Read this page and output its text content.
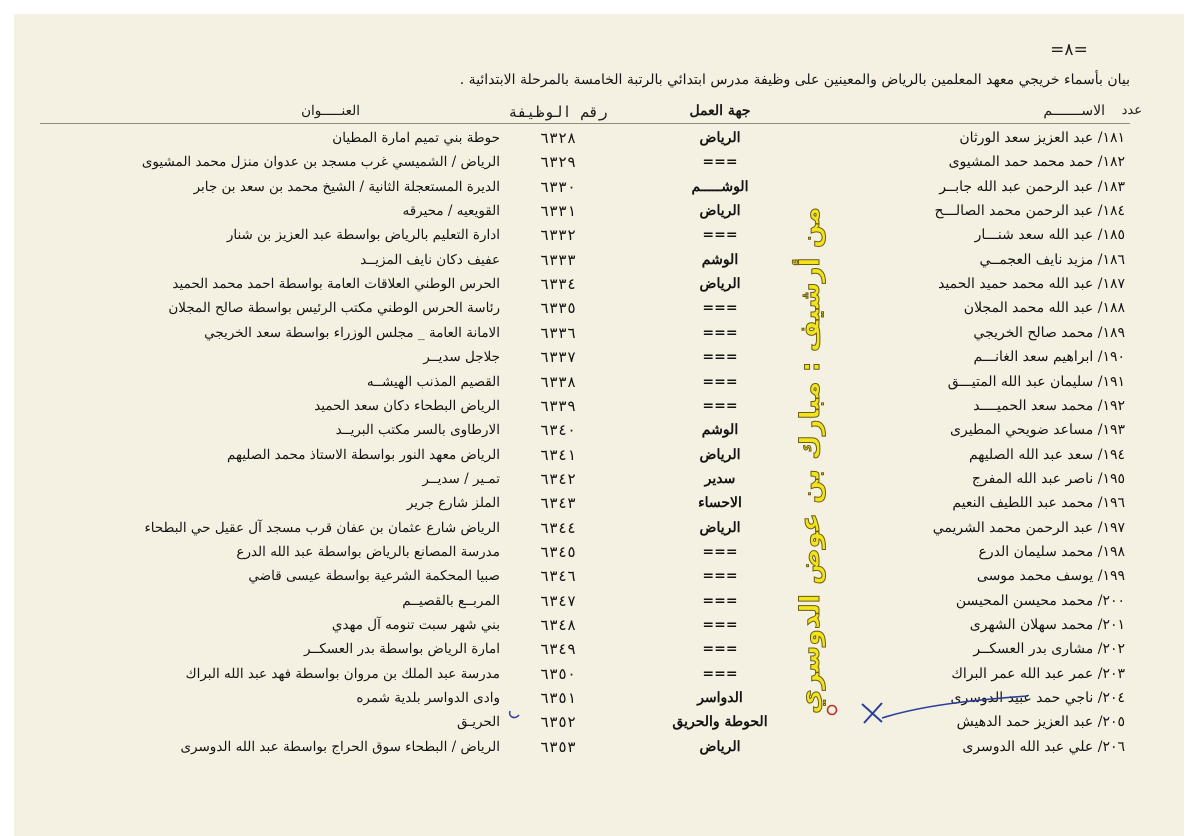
=٨=
بيان بأسماء خريجي معهد المعلمين بالرياض والمعينين على وظيفة مدرس ابتدائي بالرتبة الخامسة بالمرحلة الابتدائية .
عدد
الاســـــــم
جهة العمل
رقم الوظيفة
العنـــــوان
١٨١/ عبد العزيز سعد الورثان
الرياض
٦٣٢٨
حوطة بني تميم امارة المطيان
١٨٢/ حمد محمد حمد المشيوى
===
٦٣٢٩
الرياض / الشميسي غرب مسجد بن عدوان منزل محمد المشيوى
١٨٣/ عبد الرحمن عبد الله جابــر
الوشـــــم
٦٣٣٠
الديرة المستعجلة الثانية / الشيخ محمد بن سعد بن جابر
١٨٤/ عبد الرحمن محمد الصالـــح
الرياض
٦٣٣١
القويعيه / محيرقه
١٨٥/ عبد الله سعد شنـــار
===
٦٣٣٢
ادارة التعليم بالرياض بواسطة عبد العزيز بن شنار
١٨٦/ مزيد نايف العجمــي
الوشم
٦٣٣٣
عفيف دكان نايف المزيــد
١٨٧/ عبد الله محمد حميد الحميد
الرياض
٦٣٣٤
الحرس الوطني العلاقات العامة بواسطة احمد محمد الحميد
١٨٨/ عبد الله محمد المجلان
===
٦٣٣٥
رئاسة الحرس الوطني مكتب الرئيس بواسطة صالح المجلان
١٨٩/ محمد صالح الخريجي
===
٦٣٣٦
الامانة العامة _ مجلس الوزراء بواسطة سعد الخريجي
١٩٠/ ابراهيم سعد الغانـــم
===
٦٣٣٧
جلاجل سديــر
١٩١/ سليمان عبد الله المتيـــق
===
٦٣٣٨
القصيم المذنب الهيشــه
١٩٢/ محمد سعد الحميــــد
===
٦٣٣٩
الرياض البطحاء دكان سعد الحميد
١٩٣/ مساعد ضويحي المطيرى
الوشم
٦٣٤٠
الارطاوى بالسر مكتب البريــد
١٩٤/ سعد عبد الله الصليهم
الرياض
٦٣٤١
الرياض معهد النور بواسطة الاستاذ محمد الصليهم
١٩٥/ ناصر عبد الله المفرج
سدير
٦٣٤٢
تمـير / سديــر
١٩٦/ محمد عبد اللطيف النعيم
الاحساء
٦٣٤٣
الملز شارع جرير
١٩٧/ عبد الرحمن محمد الشريمي
الرياض
٦٣٤٤
الرياض شارع عثمان بن عفان قرب مسجد آل عقيل حي البطحاء
١٩٨/ محمد سليمان الدرع
===
٦٣٤٥
مدرسة المصانع بالرياض بواسطة عبد الله الدرع
١٩٩/ يوسف محمد موسى
===
٦٣٤٦
صبيا المحكمة الشرعية بواسطة عيسى قاضي
٢٠٠/ محمد محيسن المحيسن
===
٦٣٤٧
المربــع بالقصيــم
٢٠١/ محمد سهلان الشهرى
===
٦٣٤٨
بني شهر سبت تنومه آل مهدي
٢٠٢/ مشارى بدر العسكــر
===
٦٣٤٩
امارة الرياض بواسطة بدر العسكــر
٢٠٣/ عمر عبد الله عمر البراك
===
٦٣٥٠
مدرسة عبد الملك بن مروان بواسطة فهد عبد الله البراك
٢٠٤/ ناجي حمد عبيد الدوسرى
الدواسر
٦٣٥١
وادى الدواسر بلدية شمره
٢٠٥/ عبد العزيز حمد الدهيش
الحوطة والحريق
٦٣٥٢
الحريـق
٢٠٦/ علي عبد الله الدوسرى
الرياض
٦٣٥٣
الرياض / البطحاء سوق الحراج بواسطة عبد الله الدوسرى
من أرشيف : مبارك بن عوض الدوسري
